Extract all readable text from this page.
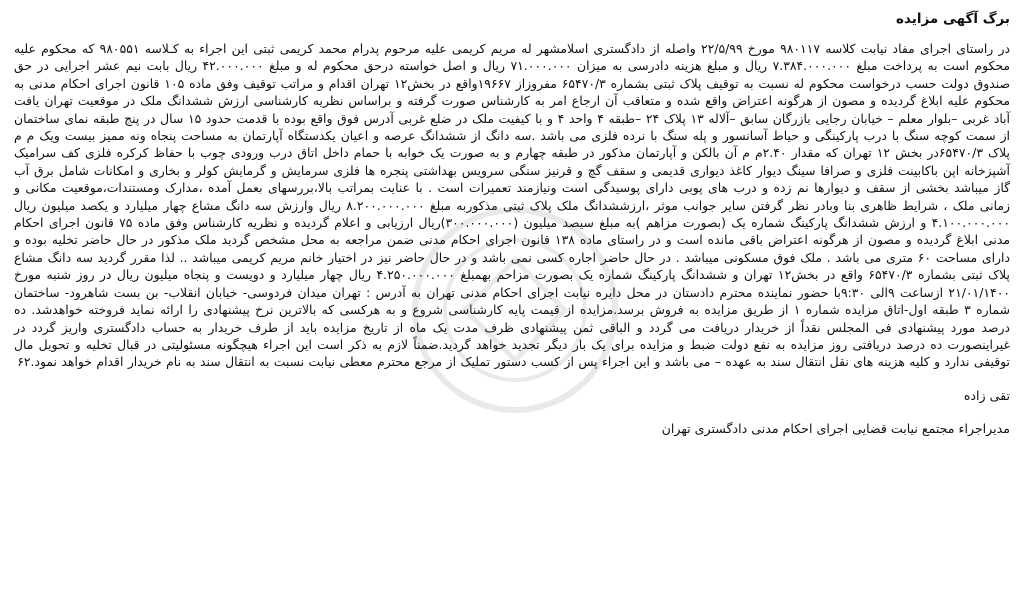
برگ آگهی مزایده

در راستای اجرای مفاد نیابت کلاسه ۹۸۰۱۱۷ مورخ ۲۲/۵/۹۹ واصله از دادگستری اسلامشهر له مریم کریمی علیه مرحوم پدرام محمد کریمی ثبتی این اجراء به کـلاسه ۹۸۰۵۵۱ که محکوم علیه محکوم است به پرداخت مبلغ ۷.۳۸۴.۰۰۰.۰۰۰ ریال و مبلغ هزینه دادرسی به میزان ۷۱.۰۰۰.۰۰۰ ریال و اصل خواسته درحق محکوم له و مبلغ ۴۲.۰۰۰.۰۰۰ ریال بابت نیم عشر اجرایی در حق صندوق دولت حسب درخواست محکوم له نسبت به توقیف پلاک ثبتی بشماره ۶۵۴۷۰/۳ مفروزاز ۱۹۶۶۷واقع در بخش۱۲ تهران اقدام و مراتب توقیف وفق ماده ۱۰۵ قانون اجرای احکام مدنی به محکوم علیه ابلاغ گردیده و مصون از هرگونه اعتراض واقع شده و متعاقب آن ارجاع امر به کارشناس صورت گرفته و براساس نظریه کارشناسی ارزش ششدانگ ملک در موقعیت تهران یافت آباد غربی –بلوار معلم – خیابان رجایی بازرگان سابق –آلاله ۱۳ پلاک ۲۴ –طبقه ۴ واحد ۴ و با کیفیت ملک در ضلع غربی آدرس فوق واقع بوده با قدمت حدود ۱۵ سال در پنج طبقه نمای ساختمان از سمت کوچه سنگ با درب پارکینگی و حیاط آسانسور و پله سنگ با نرده فلزی می باشد .سه دانگ از ششدانگ عرصه و اعیان یکدستگاه آپارتمان به مساحت پنجاه ونه ممیز بیست ویک م م پلاک ۶۵۴۷۰/۳در بخش ۱۲ تهران که مقدار ۲.۴۰م م آن بالکن و آپارتمان مذکور در طبقه چهارم و به صورت یک خوابه با حمام داخل اتاق درب ورودی چوب با حفاظ کرکره فلزی کف سرامیک آشپزخانه اپن باکابینت فلزی و صرافا سینگ دیوار کاغذ دیواری قدیمی و سقف گچ و قرنیز سنگی سرویس بهداشتی پنجره ها فلزی سرمایش و گرمایش کولر و بخاری و امکانات شامل برق آب گاز میباشد بخشی از سقف و دیوارها نم زده و درب های پوبی دارای پوسیدگی است ونیازمند تعمیرات است . با عنایت بمراتب بالا،بررسهای بعمل آمده ،مدارک ومستندات،موقعیت مکانی و زمانی ملک ، شرایط ظاهری بنا وبادر نظر گرفتن سایر جوانب موثر ،ارزششدانگ ملک پلاک ثبتی مذکوربه مبلغ ۸.۲۰۰.۰۰۰.۰۰۰ ریال وارزش سه دانگ مشاع چهار میلیارد و یکصد میلیون ریال ۴.۱۰۰.۰۰۰.۰۰۰ و ارزش ششدانگ پارکینگ شماره یک (بصورت مزاهم )به مبلغ سیصد میلیون (۳۰۰.۰۰۰.۰۰۰)ریال ارزیابی و اعلام گردیده و نظریه کارشناس وفق ماده ۷۵ قانون اجرای احکام مدنی ابلاغ گردیده و مصون از هرگونه اعتراض باقی مانده است و در راستای ماده ۱۳۸ قانون اجرای احکام مدنی ضمن مراجعه به محل مشخص گردید ملک مذکور در حال حاضر تخلیه بوده و دارای مساحت ۶۰ متری می باشد . ملک فوق مسکونی میباشد . در حال حاضر اجاره کسی نمی باشد و در حال حاضر نیز در اختیار خانم مریم کریمی میباشد .. لذا مقرر گردید سه دانگ مشاع پلاک ثبتی بشماره ۶۵۴۷۰/۳ واقع در بخش۱۲ تهران و ششدانگ پارکینگ شماره یک بصورت مزاحم بهمبلغ ۴.۲۵۰.۰۰۰.۰۰۰ ریال چهار میلیارد و دویست و پنجاه میلیون ریال در روز شنبه مورخ ۲۱/۰۱/۱۴۰۰ ازساعت ۹الی ۹:۳۰با حضور نماینده محترم دادستان در محل دایره نیابت اجرای احکام مدنی تهران به آدرس : تهران میدان فردوسی- خیابان انقلاب- بن بست شاهرود- ساختمان شماره ۳ طبقه اول-اتاق مزایده شماره ۱ از طریق مزایده به فروش برسد.مزایده از قیمت پایه کارشناسی شروع و به هرکسی که بالاترین نرخ پیشنهادی را ارائه نماید فروخته خواهدشد. ده درصد مورد پیشنهادی فی المجلس نقداً از خریدار دریافت می گردد و الباقی ثمن پیشنهادی ظرف مدت یک ماه از تاریخ مزایده باید از طرف خریدار به حساب دادگستری واریز گردد در غیراینصورت ده درصد دریافتی روز مزایده به نفع دولت ضبط و مزایده برای یک بار دیگر تجدید خواهد گردید.ضمناً لازم به ذکر است این اجراء هیچگونه مسئولیتی در قبال تخلیه و تحویل مال توقیفی ندارد و کلیه هزینه های نقل انتقال سند به عهده – می باشد و این اجراء پس از کسب دستور تملیک از مرجع محترم معطی نیابت نسبت به انتقال سند به نام خریدار اقدام خواهد نمود.۶۲

تقی زاده
مدیراجراء مجتمع نیابت قضایی اجرای احکام مدنی دادگستری تهران
